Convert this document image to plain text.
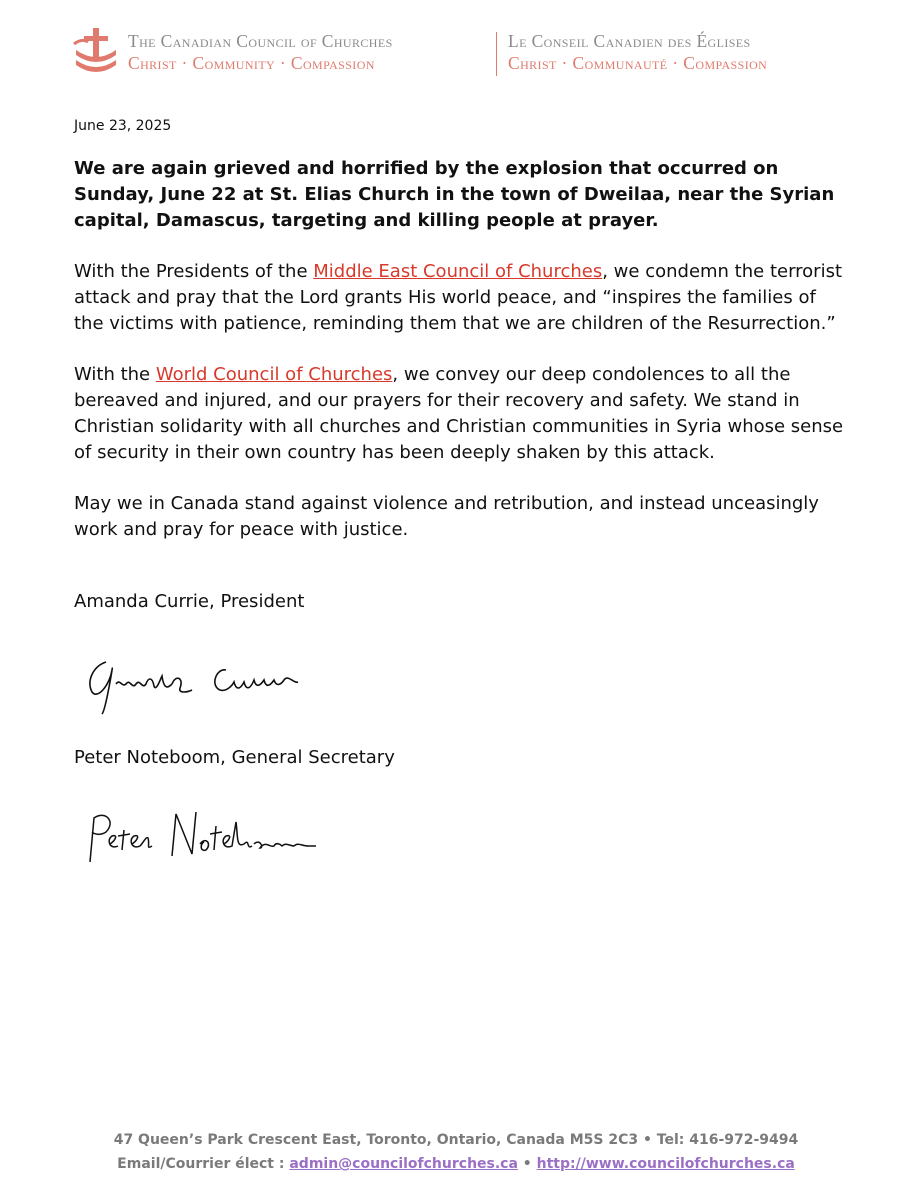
The Canadian Council of Churches
Christ · Community · Compassion
Le Conseil Canadien des Églises
Christ · Communauté · Compassion
June 23, 2025

We are again grieved and horrified by the explosion that occurred on Sunday, June 22 at St. Elias Church in the town of Dweilaa, near the Syrian capital, Damascus, targeting and killing people at prayer.

With the Presidents of the Middle East Council of Churches, we condemn the terrorist attack and pray that the Lord grants His world peace, and “inspires the families of the victims with patience, reminding them that we are children of the Resurrection.”

With the World Council of Churches, we convey our deep condolences to all the bereaved and injured, and our prayers for their recovery and safety. We stand in Christian solidarity with all churches and Christian communities in Syria whose sense of security in their own country has been deeply shaken by this attack.

May we in Canada stand against violence and retribution, and instead unceasingly work and pray for peace with justice.

Amanda Currie, President
Peter Noteboom, General Secretary
47 Queen’s Park Crescent East, Toronto, Ontario, Canada M5S 2C3 • Tel: 416-972-9494
Email/Courrier élect : admin@councilofchurches.ca • http://www.councilofchurches.ca
